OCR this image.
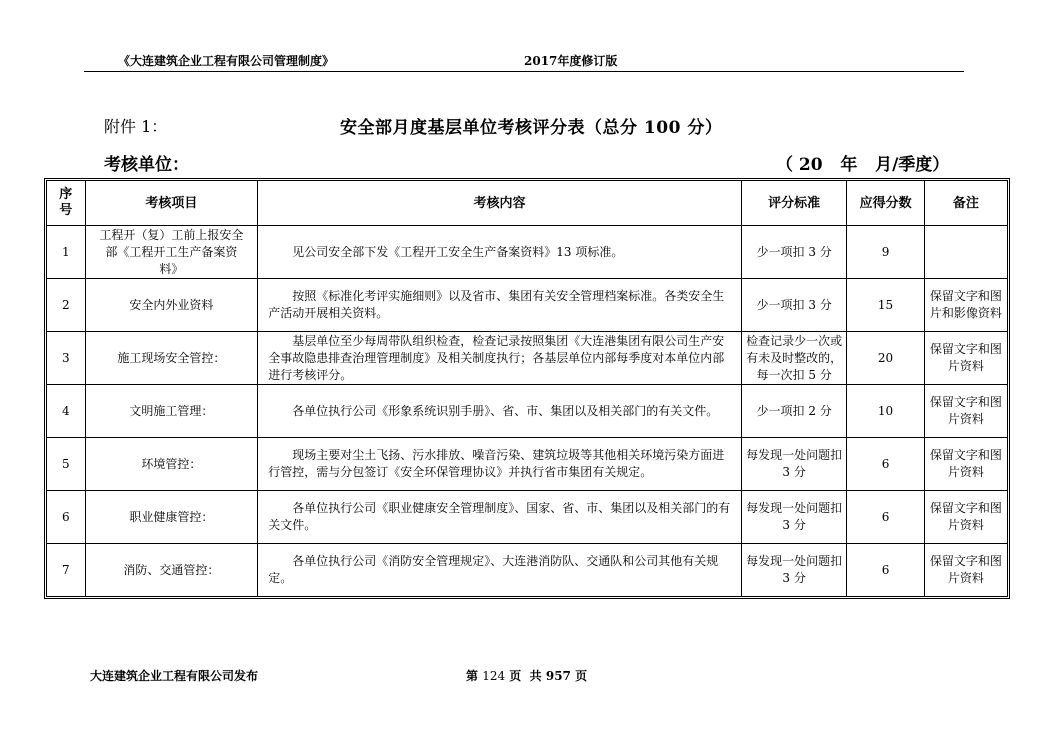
《大连建筑企业工程有限公司管理制度》	2017年度修订版
附件 1：	安全部月度基层单位考核评分表（总分 100 分）
考核单位：	（ 20   年   月/季度）
序号	考核项目	考核内容	评分标准	应得分数	备注
1	工程开（复）工前上报安全部《工程开工生产备案资料》	见公司安全部下发《工程开工安全生产备案资料》13 项标准。	少一项扣 3 分	9	
2	安全内外业资料	按照《标准化考评实施细则》以及省市、集团有关安全管理档案标准。各类安全生产活动开展相关资料。	少一项扣 3 分	15	保留文字和图片和影像资料
3	施工现场安全管控：	基层单位至少每周带队组织检查，检查记录按照集团《大连港集团有限公司生产安全事故隐患排查治理管理制度》及相关制度执行；各基层单位内部每季度对本单位内部进行考核评分。	检查记录少一次或有未及时整改的，每一次扣 5 分	20	保留文字和图片资料
4	文明施工管理：	各单位执行公司《形象系统识别手册》、省、市、集团以及相关部门的有关文件。	少一项扣 2 分	10	保留文字和图片资料
5	环境管控：	现场主要对尘土飞扬、污水排放、噪音污染、建筑垃圾等其他相关环境污染方面进行管控，需与分包签订《安全环保管理协议》并执行省市集团有关规定。	每发现一处问题扣 3 分	6	保留文字和图片资料
6	职业健康管控：	各单位执行公司《职业健康安全管理制度》、国家、省、市、集团以及相关部门的有关文件。	每发现一处问题扣 3 分	6	保留文字和图片资料
7	消防、交通管控：	各单位执行公司《消防安全管理规定》、大连港消防队、交通队和公司其他有关规定。	每发现一处问题扣 3 分	6	保留文字和图片资料
大连建筑企业工程有限公司发布	第 124 页  共 957 页
